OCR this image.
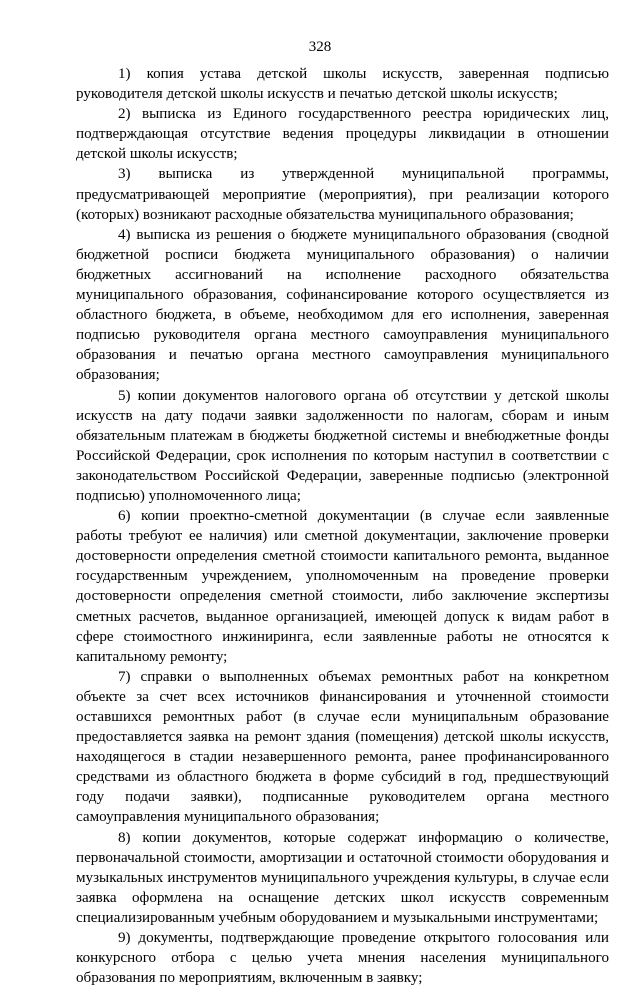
328

1) копия устава детской школы искусств, заверенная подписью руководителя детской школы искусств и печатью детской школы искусств;

2) выписка из Единого государственного реестра юридических лиц, подтверждающая отсутствие ведения процедуры ликвидации в отношении детской школы искусств;

3) выписка из утвержденной муниципальной программы, предусматривающей мероприятие (мероприятия), при реализации которого (которых) возникают расходные обязательства муниципального образования;

4) выписка из решения о бюджете муниципального образования (сводной бюджетной росписи бюджета муниципального образования) о наличии бюджетных ассигнований на исполнение расходного обязательства муниципального образования, софинансирование которого осуществляется из областного бюджета, в объеме, необходимом для его исполнения, заверенная подписью руководителя органа местного самоуправления муниципального образования и печатью органа местного самоуправления муниципального образования;

5) копии документов налогового органа об отсутствии у детской школы искусств на дату подачи заявки задолженности по налогам, сборам и иным обязательным платежам в бюджеты бюджетной системы и внебюджетные фонды Российской Федерации, срок исполнения по которым наступил в соответствии с законодательством Российской Федерации, заверенные подписью (электронной подписью) уполномоченного лица;

6) копии проектно-сметной документации (в случае если заявленные работы требуют ее наличия) или сметной документации, заключение проверки достоверности определения сметной стоимости капитального ремонта, выданное государственным учреждением, уполномоченным на проведение проверки достоверности определения сметной стоимости, либо заключение экспертизы сметных расчетов, выданное организацией, имеющей допуск к видам работ в сфере стоимостного инжиниринга, если заявленные работы не относятся к капитальному ремонту;

7) справки о выполненных объемах ремонтных работ на конкретном объекте за счет всех источников финансирования и уточненной стоимости оставшихся ремонтных работ (в случае если муниципальным образование предоставляется заявка на ремонт здания (помещения) детской школы искусств, находящегося в стадии незавершенного ремонта, ранее профинансированного средствами из областного бюджета в форме субсидий в год, предшествующий году подачи заявки), подписанные руководителем органа местного самоуправления муниципального образования;

8) копии документов, которые содержат информацию о количестве, первоначальной стоимости, амортизации и остаточной стоимости оборудования и музыкальных инструментов муниципального учреждения культуры, в случае если заявка оформлена на оснащение детских школ искусств современным специализированным учебным оборудованием и музыкальными инструментами;

9) документы, подтверждающие проведение открытого голосования или конкурсного отбора с целью учета мнения населения муниципального образования по мероприятиям, включенным в заявку;
